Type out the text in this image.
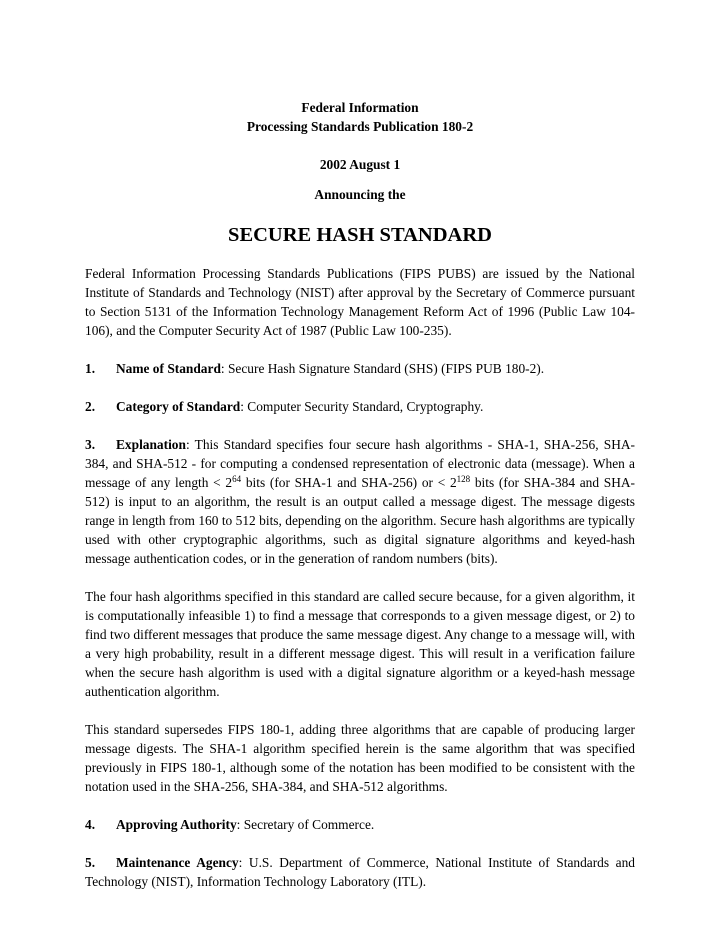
Federal Information
Processing Standards Publication 180-2
2002 August 1
Announcing the
SECURE HASH STANDARD

Federal Information Processing Standards Publications (FIPS PUBS) are issued by the National Institute of Standards and Technology (NIST) after approval by the Secretary of Commerce pursuant to Section 5131 of the Information Technology Management Reform Act of 1996 (Public Law 104-106), and the Computer Security Act of 1987 (Public Law 100-235).

1. Name of Standard: Secure Hash Signature Standard (SHS) (FIPS PUB 180-2).

2. Category of Standard: Computer Security Standard, Cryptography.

3. Explanation: This Standard specifies four secure hash algorithms - SHA-1, SHA-256, SHA-384, and SHA-512 - for computing a condensed representation of electronic data (message). When a message of any length < $2^{64}$ bits (for SHA-1 and SHA-256) or < $2^{128}$ bits (for SHA-384 and SHA-512) is input to an algorithm, the result is an output called a message digest. The message digests range in length from 160 to 512 bits, depending on the algorithm. Secure hash algorithms are typically used with other cryptographic algorithms, such as digital signature algorithms and keyed-hash message authentication codes, or in the generation of random numbers (bits).

The four hash algorithms specified in this standard are called secure because, for a given algorithm, it is computationally infeasible 1) to find a message that corresponds to a given message digest, or 2) to find two different messages that produce the same message digest. Any change to a message will, with a very high probability, result in a different message digest. This will result in a verification failure when the secure hash algorithm is used with a digital signature algorithm or a keyed-hash message authentication algorithm.

This standard supersedes FIPS 180-1, adding three algorithms that are capable of producing larger message digests. The SHA-1 algorithm specified herein is the same algorithm that was specified previously in FIPS 180-1, although some of the notation has been modified to be consistent with the notation used in the SHA-256, SHA-384, and SHA-512 algorithms.

4. Approving Authority: Secretary of Commerce.

5. Maintenance Agency: U.S. Department of Commerce, National Institute of Standards and Technology (NIST), Information Technology Laboratory (ITL).
